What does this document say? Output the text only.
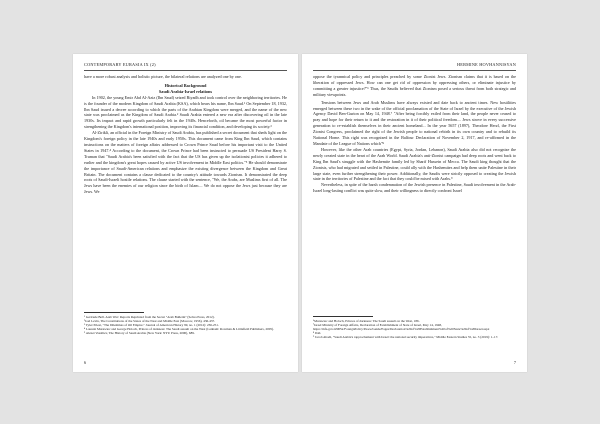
CONTEMPORARY EURASIA IX (2)

have a more robust analysis and holistic picture, the bilateral relations are analyzed one by one.

Historical Background
Saudi Arabia-Israel relations

In 1902, the young Emir Abd Al-Aziz (Ibn Saud) seized Riyadh and took control over the neighboring territories. He is the founder of the modern Kingdom of Saudi Arabia (KSA), which bears his name, Ibn Saud.¹ On September 18, 1932, Ibn Saud issued a decree according to which the parts of the Arabian Kingdom were merged, and the name of the new state was proclaimed as the Kingdom of Saudi Arabia.² Saudi Arabia entered a new era after discovering oil in the late 1930s. Its impact and rapid growth particularly felt in the 1940s. Henceforth, oil became the most powerful factor in strengthening the Kingdom's international position, improving its financial condition, and developing its society.³

Al-Zirikli, an official in the Foreign Ministry of Saudi Arabia, has published a secret document that sheds light on the Kingdom's foreign policy in the late 1940s and early 1950s. This document came from King Ibn Saud, which contains instructions on the matters of foreign affairs addressed to Crown Prince Saud before his important visit to the United States in 1947.⁴ According to the document, the Crown Prince had been instructed to persuade US President Harry S. Truman that "Saudi Arabia's been satisfied with the fact that the US has given up the isolationist policies it adhered to earlier and the kingdom's great hopes caused by active US involvement in Middle East politics."⁵ He should demonstrate the importance of Saudi-American relations and emphasize the existing divergence between the Kingdom and Great Britain. The document contains a clause dedicated to the country's attitude towards Zionism. It demonstrated the deep roots of Saudi-Israeli hostile relations. The clause started with the sentence, "We, the Arabs, are Muslims first of all. The Jews have been the enemies of our religion since the birth of Islam.... We do not oppose the Jews just because they are Jews. We

¹ Gertrude Bell. Arab War: Reports Reprinted from the Secret "Arab Bulletin" (Selwa Press, 2012).
²Joel Levin, The Constitutions of the States of the Near and Middle East (Moscow, 1956), 436-437.
³ Tyler Priest, "The Dilemmas of Oil Empire." Journal of American History 99, no. 1 (2012): 236-251.
⁴ Laurent Murawiec and George Holoch, Princes of darkness: The Saudi assault on the West (Lanham: Rowman & Littlefield Publishers, 2005).
⁵ Alexei Vassiliev, The History of Saudi Arabia (New York: NYU Press, 2000), 689.
6
HERMINE HOVHANNISYAN

oppose the tyrannical policy and principles preached by some Zionist Jews. Zionism claims that it is based on the liberation of oppressed Jews. How can one get rid of oppression by oppressing others, or eliminate injustice by committing a greater injustice?"⁶ Thus, the Saudis believed that Zionism posed a serious threat from both strategic and military viewpoints.

Tensions between Jews and Arab Muslims have always existed and date back to ancient times. New hostilities emerged between these two in the wake of the official proclamation of the State of Israel by the executive of the Jewish Agency David Ben-Gurion on May 14, 1948.⁷ "After being forcibly exiled from their land, the people never ceased to pray and hope for their return to it and the restoration in it of their political freedom.... Jews strove in every successive generation to re-establish themselves in their ancient homeland... In the year 5657 (1897), Theodore Herzl, the First Zionist Congress, proclaimed the right of the Jewish people to national rebirth in its own country and to rebuild its National Home. This right was recognized in the Balfour Declaration of November 2, 1917, and re-affirmed in the Mandate of the League of Nations which"⁸

However, like the other Arab countries (Egypt, Syria, Jordan, Lebanon), Saudi Arabia also did not recognize the newly created state in the heart of the Arab World. Saudi Arabia's anti-Zionist campaign had deep roots and went back to King Ibn Saud's struggle with the Hashemite family led by Sharif Hussein of Mecca. The Saudi king thought that the Zionists, who had migrated and settled in Palestine, could ally with the Hashemites and help them unite Palestine in their large state, even further strengthening their power. Additionally, the Saudis were strictly opposed to creating the Jewish state in the territories of Palestine and the fact that they could be mixed with Arabs.⁹

Nevertheless, in spite of the harsh condemnation of the Jewish presence in Palestine, Saudi involvement in the Arab-Israel long-lasting conflict was quite slow, and their willingness to directly confront Israel

⁶Murawiec and Holoch, Princes of darkness: The Saudi assault on the West, 186.
⁷Israel Ministry of Foreign Affairs, Declaration of Establishment of State of Israel, May 14, 1948,
https://mfa.gov.il/MFA/ForeignPolicy/Peace/Guide/Pages/Declaration%20of%20Establishment%20of%20State%20of%20Israel.aspx
⁸ Ibid.
⁹ Jacob Abadi, "Saudi Arabia's rapprochement with Israel: the national security imperatives," Middle Eastern Studies 55, no. 3 (2019): 1–17.
7
